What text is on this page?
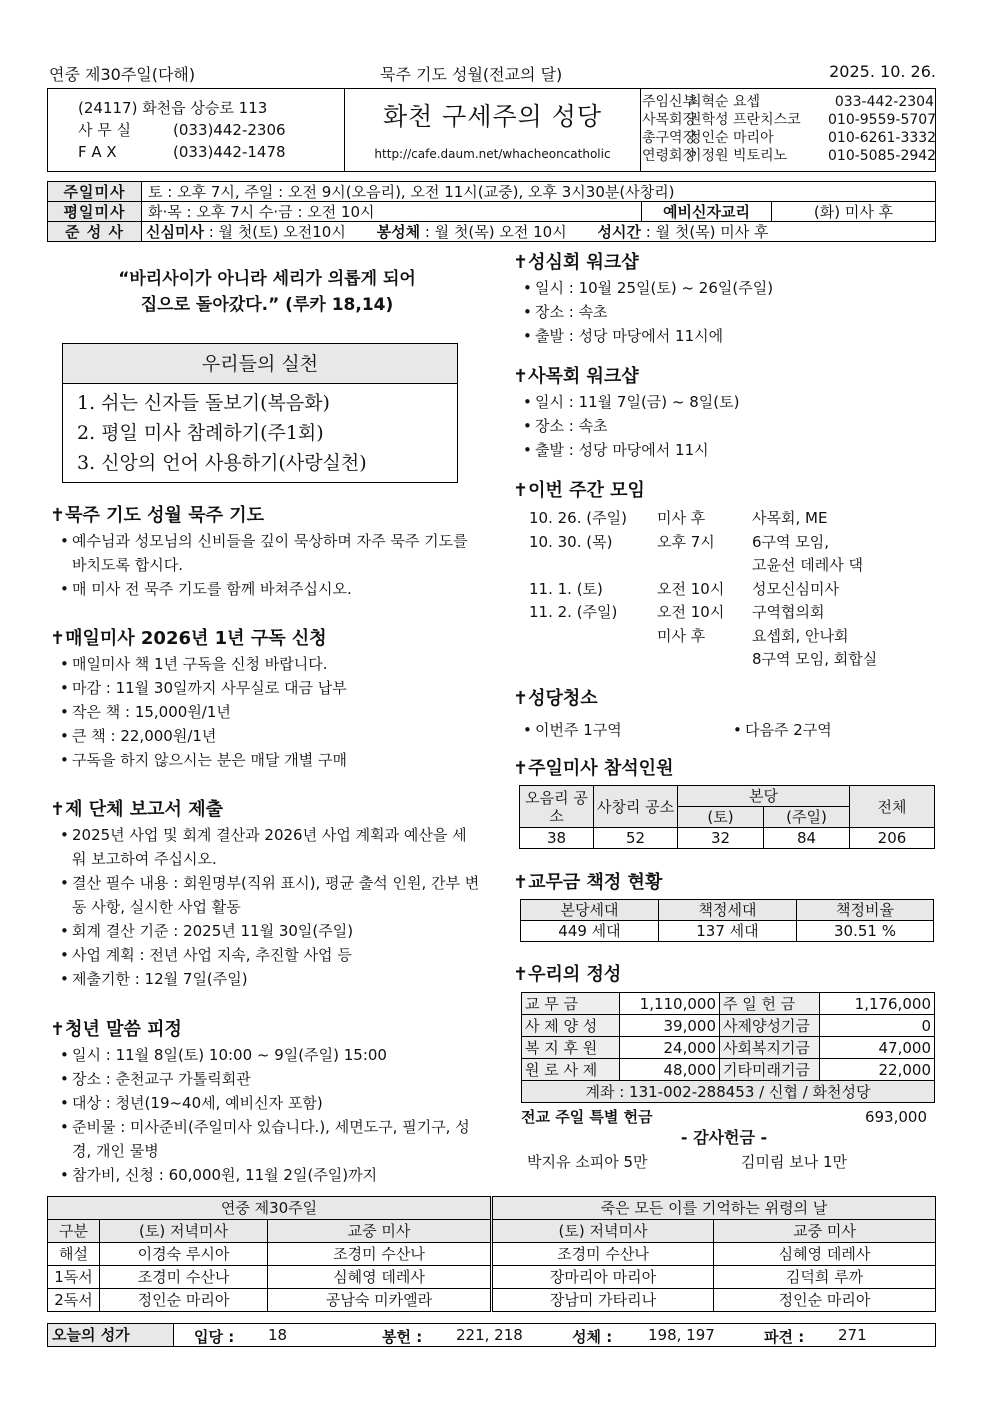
연중 제30주일(다해)	묵주 기도 성월(전교의 달)	2025. 10. 26.
(24117) 화천읍 상승로 113
사 무 실	(033)442-2306
F A X	(033)442-1478
화천 구세주의 성당
http://cafe.daum.net/whacheoncatholic
주임신부
최혁순 요셉	033-442-2304
사목회장
권학성 프란치스코	010-9559-5707
총구역장
정인순 마리아	010-6261-3332
연령회장
이정원 빅토리노	010-5085-2942
주일미사	토 : 오후 7시, 주일 : 오전 9시(오음리), 오전 11시(교중), 오후 3시30분(사창리)		
평일미사	화·목 : 오후 7시 수·금 : 오전 10시	예비신자교리	(화) 미사 후
준 성 사	신심미사 : 월 첫(토) 오전10시 봉성체 : 월 첫(목) 오전 10시 성시간 : 월 첫(목) 미사 후		
“바리사이가 아니라 세리가 의롭게 되어
집으로 돌아갔다.” (루카 18,14)
우리들의 실천
1. 쉬는 신자들 돌보기(복음화)
2. 평일 미사 참례하기(주1회)
3. 신앙의 언어 사용하기(사랑실천)
✝묵주 기도 성월 묵주 기도
• 예수님과 성모님의 신비들을 깊이 묵상하며 자주 묵주 기도를 바치도록 합시다.
• 매 미사 전 묵주 기도를 함께 바쳐주십시오.
✝매일미사 2026년 1년 구독 신청
• 매일미사 책 1년 구독을 신청 바랍니다.
• 마감 : 11월 30일까지 사무실로 대금 납부
• 작은 책 : 15,000원/1년
• 큰 책 : 22,000원/1년
• 구독을 하지 않으시는 분은 매달 개별 구매
✝제 단체 보고서 제출
• 2025년 사업 및 회계 결산과 2026년 사업 계획과 예산을 세워 보고하여 주십시오.
• 결산 필수 내용 : 회원명부(직위 표시), 평균 출석 인원, 간부 변동 사항, 실시한 사업 활동
• 회계 결산 기준 : 2025년 11월 30일(주일)
• 사업 계획 : 전년 사업 지속, 추진할 사업 등
• 제출기한 : 12월 7일(주일)
✝청년 말씀 피정
• 일시 : 11월 8일(토) 10:00 ~ 9일(주일) 15:00
• 장소 : 춘천교구 가톨릭회관
• 대상 : 청년(19~40세, 예비신자 포함)
• 준비물 : 미사준비(주일미사 있습니다.), 세면도구, 필기구, 성경, 개인 물병
• 참가비, 신청 : 60,000원, 11월 2일(주일)까지
✝성심회 워크샵
• 일시 : 10월 25일(토) ~ 26일(주일)
• 장소 : 속초
• 출발 : 성당 마당에서 11시에
✝사목회 워크샵
• 일시 : 11월 7일(금) ~ 8일(토)
• 장소 : 속초
• 출발 : 성당 마당에서 11시
✝이번 주간 모임
10. 26. (주일)	미사 후	사목회, ME
10. 30. (목)	오후 7시	6구역 모임,
고윤선 데레사 댁
11. 1. (토)	오전 10시	성모신심미사
11. 2. (주일)	오전 10시	구역협의회
미사 후	요셉회, 안나회
8구역 모임, 회합실
✝성당청소
• 이번주 1구역	• 다음주 2구역
✝주일미사 참석인원
오음리 공소	사창리 공소	본당		전체
		(토)	(주일)	
38	52	32	84	206
✝교무금 책정 현황
본당세대	책정세대	책정비율
449 세대	137 세대	30.51 %
✝우리의 정성
교 무 금	1,110,000	주 일 헌 금	1,176,000
사 제 양 성	39,000	사제양성기금	0
복 지 후 원	24,000	사회복지기금	47,000
원 로 사 제	48,000	기타미래기금	22,000
계좌 : 131-002-288453 / 신협 / 화천성당			
전교 주일 특별 헌금	693,000
- 감사헌금 -
박지유 소피아 5만	김미림 보나 1만
연중 제30주일			죽은 모든 이를 기억하는 위령의 날	
구분	(토) 저녁미사	교중 미사	(토) 저녁미사	교중 미사
해설	이경숙 루시아	조경미 수산나	조경미 수산나	심혜영 데레사
1독서	조경미 수산나	심혜영 데레사	장마리아 마리아	김덕희 루까
2독서	정인순 마리아	공남숙 미카엘라	장남미 가타리나	정인순 마리아
오늘의 성가	입당 : 18	봉헌 : 221, 218	성체 : 198, 197	파견 : 271
